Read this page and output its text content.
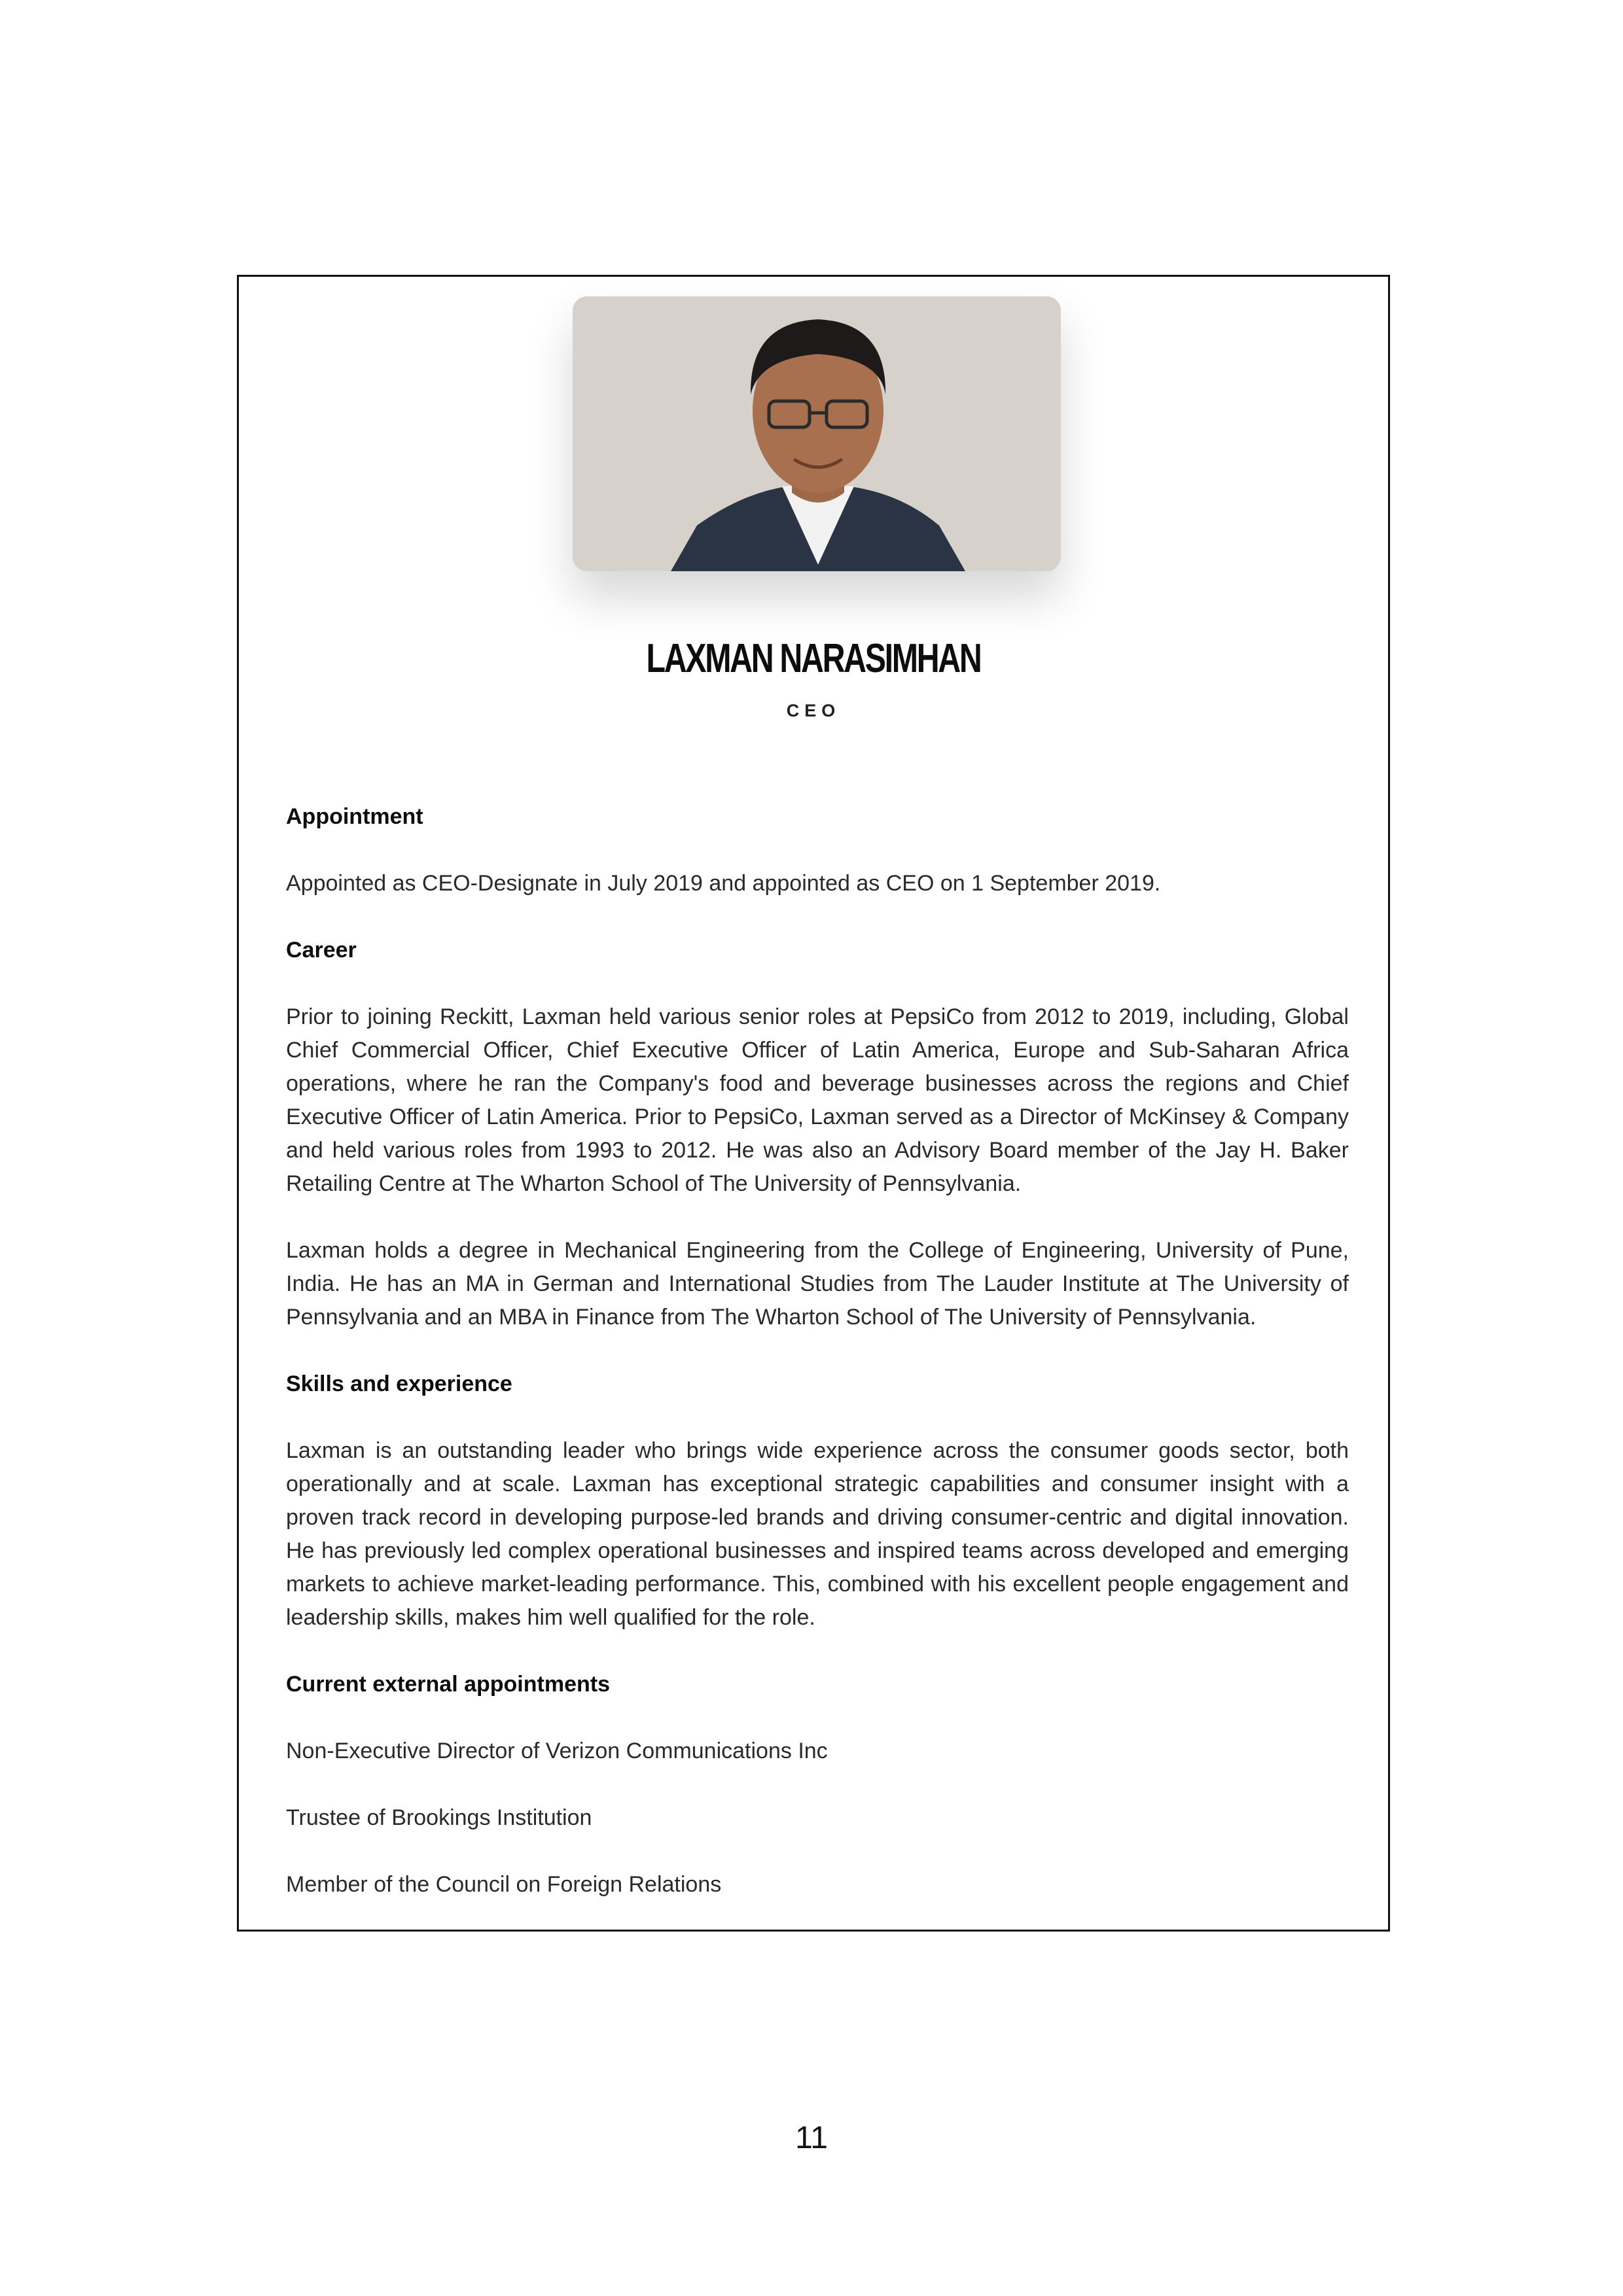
LAXMAN NARASIMHAN
CEO
Appointment

Appointed as CEO-Designate in July 2019 and appointed as CEO on 1 September 2019.

Career

Prior to joining Reckitt, Laxman held various senior roles at PepsiCo from 2012 to 2019, including, Global Chief Commercial Officer, Chief Executive Officer of Latin America, Europe and Sub-Saharan Africa operations, where he ran the Company's food and beverage businesses across the regions and Chief Executive Officer of Latin America. Prior to PepsiCo, Laxman served as a Director of McKinsey & Company and held various roles from 1993 to 2012. He was also an Advisory Board member of the Jay H. Baker Retailing Centre at The Wharton School of The University of Pennsylvania.

Laxman holds a degree in Mechanical Engineering from the College of Engineering, University of Pune, India. He has an MA in German and International Studies from The Lauder Institute at The University of Pennsylvania and an MBA in Finance from The Wharton School of The University of Pennsylvania.

Skills and experience

Laxman is an outstanding leader who brings wide experience across the consumer goods sector, both operationally and at scale. Laxman has exceptional strategic capabilities and consumer insight with a proven track record in developing purpose-led brands and driving consumer-centric and digital innovation. He has previously led complex operational businesses and inspired teams across developed and emerging markets to achieve market-leading performance. This, combined with his excellent people engagement and leadership skills, makes him well qualified for the role.

Current external appointments

Non-Executive Director of Verizon Communications Inc

Trustee of Brookings Institution

Member of the Council on Foreign Relations

11
